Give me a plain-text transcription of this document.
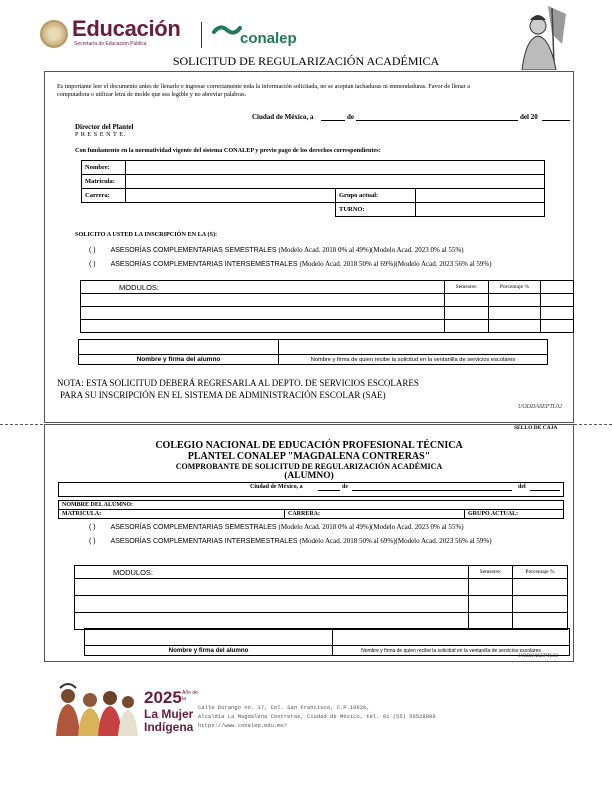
Educación
Secretaría de Educación Pública	conalep
SOLICITUD DE REGULARIZACIÓN ACADÉMICA
Es importante leer el documento antes de llenarlo e ingresar correctamente toda la información solicitada, no se aceptan tachaduras ni enmendaduras. Favor de llenar a
computadora o utilizar letra de molde que sea legible y no abreviar palabras.
Ciudad de México, a	de	del 20
Director del Plantel
P R E S E N T E.
Con fundamento en la normatividad vigente del sistema CONALEP y previo pago de los derechos correspondientes:
Nombre:			
Matricula:			
Carrera:		Grupo actual:	
		TURNO:	
SOLICITO A USTED LA INSCRIPCIÓN EN LA (S):
( ) ASESORÍAS COMPLEMENTARIAS SEMESTRALES (Modelo Acad. 2018 0% al 49%)(Modelo Acad. 2023 0% al 55%)
( ) ASESORÍAS COMPLEMENTARIAS INTERSEMESTRALES (Modelo Acad. 2018 50% al 69%)(Modelo Acad. 2023 56% al 59%)
MODULOS:	Semestre:	Porcentaje %	

Nombre y firma del alumno	Nombre y firma de quien recibe la solicitud en la ventanilla de servicios escolares
NOTA: ESTA SOLICITUD DEBERÁ REGRESARLA AL DEPTO. DE SERVICIOS ESCOLARES
PARA SU INSCRIPCIÓN EN EL SISTEMA DE ADMINISTRACIÓN ESCOLAR (SAE)
UODDASEPTL02
SELLO DE CAJA
COLEGIO NACIONAL DE EDUCACIÓN PROFESIONAL TÉCNICA
PLANTEL CONALEP "MAGDALENA CONTRERAS"
COMPROBANTE DE SOLICITUD DE REGULARIZACIÓN ACADÉMICA
(ALUMNO)
Ciudad de México, a	de	del
NOMBRE DEL ALUMNO:
MATRICULA:	CARRERA:	GRUPO ACTUAL:
( ) ASESORÍAS COMPLEMENTARIAS SEMESTRALES (Modelo Acad. 2018 0% al 49%)(Modelo Acad. 2023 0% al 55%)
( ) ASESORÍAS COMPLEMENTARIAS INTERSEMESTRALES (Modelo Acad. 2018 50% al 69%)(Modelo Acad. 2023 56% al 59%)
MODULOS:	Semestre:	Porcentaje %

Nombre y firma del alumno	Nombre y firma de quien recibe la solicitud en la ventanilla de servicios escolares
UODDASEPTL02
2025 Año de
la
La Mujer
Indígena
Calle Durango no. 17, Col. San Francisco, C.P.10820,
Alcaldía La Magdalena Contreras, Ciudad de México, tel. 01 (55) 56528808
https://www.conalep.edu.mx/
